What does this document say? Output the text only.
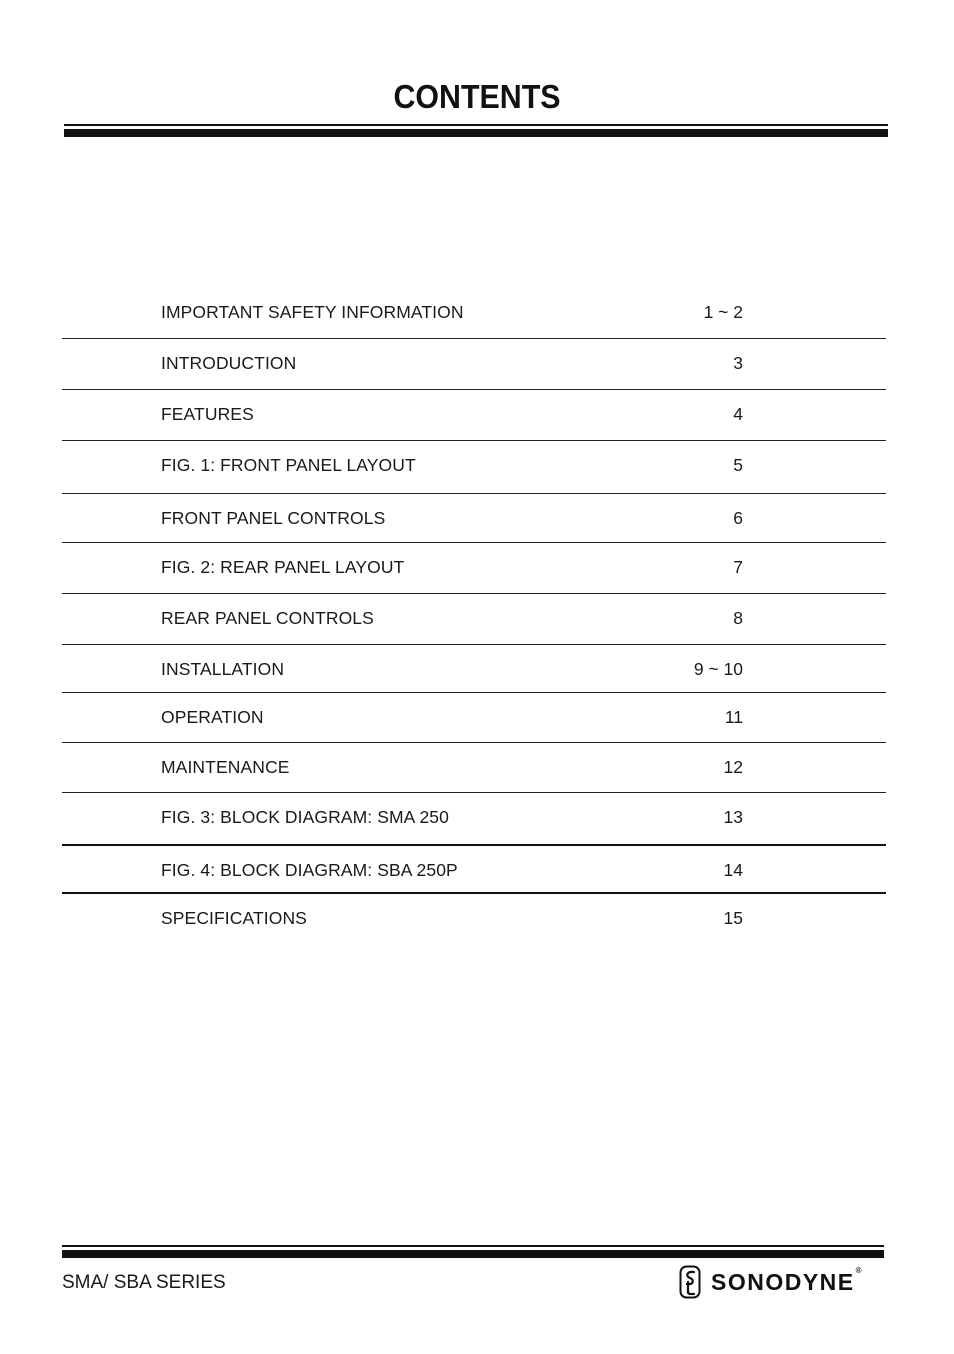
CONTENTS
IMPORTANT SAFETY INFORMATION	1 ~ 2
INTRODUCTION	3
FEATURES	4
FIG. 1: FRONT PANEL LAYOUT	5
FRONT PANEL CONTROLS	6
FIG. 2: REAR PANEL LAYOUT	7
REAR PANEL CONTROLS	8
INSTALLATION	9 ~ 10
OPERATION	11
MAINTENANCE	12
FIG. 3: BLOCK DIAGRAM: SMA 250	13
FIG. 4: BLOCK DIAGRAM: SBA 250P	14
SPECIFICATIONS	15
SMA/ SBA SERIES	SONODYNE ®
